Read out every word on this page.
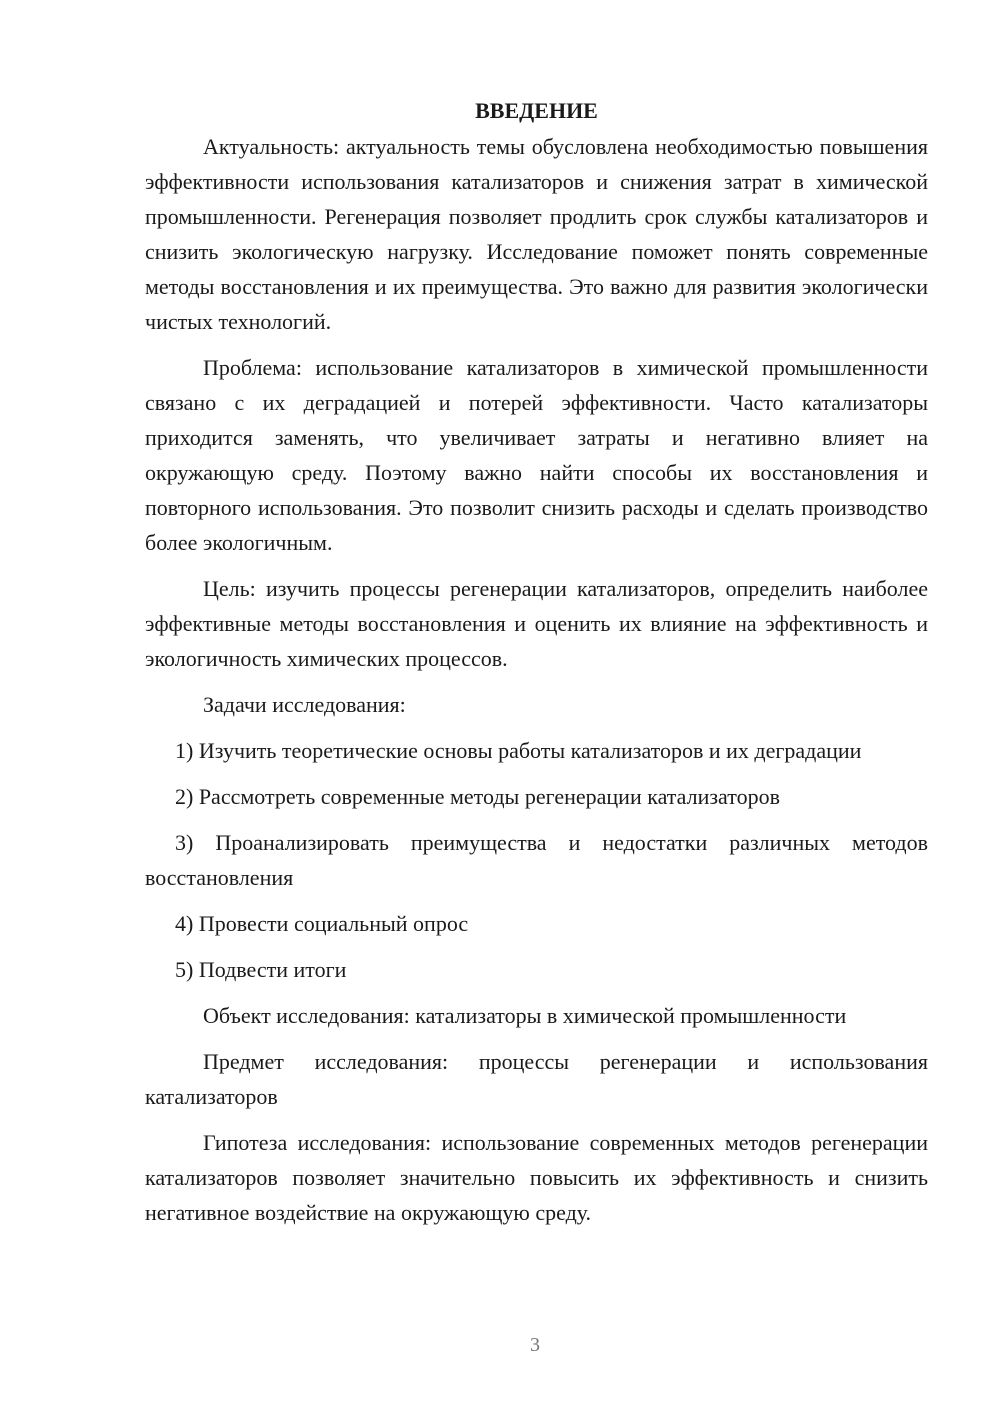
ВВЕДЕНИЕ

Актуальность: актуальность темы обусловлена необходимостью повышения эффективности использования катализаторов и снижения затрат в химической промышленности. Регенерация позволяет продлить срок службы катализаторов и снизить экологическую нагрузку. Исследование поможет понять современные методы восстановления и их преимущества. Это важно для развития экологически чистых технологий.

Проблема: использование катализаторов в химической промышленности связано с их деградацией и потерей эффективности. Часто катализаторы приходится заменять, что увеличивает затраты и негативно влияет на окружающую среду. Поэтому важно найти способы их восстановления и повторного использования. Это позволит снизить расходы и сделать производство более экологичным.

Цель: изучить процессы регенерации катализаторов, определить наиболее эффективные методы восстановления и оценить их влияние на эффективность и экологичность химических процессов.

Задачи исследования:

1) Изучить теоретические основы работы катализаторов и их деградации

2) Рассмотреть современные методы регенерации катализаторов

3) Проанализировать преимущества и недостатки различных методов восстановления

4) Провести социальный опрос

5) Подвести итоги

Объект исследования: катализаторы в химической промышленности

Предмет исследования: процессы регенерации и использования катализаторов

Гипотеза исследования: использование современных методов регенерации катализаторов позволяет значительно повысить их эффективность и снизить негативное воздействие на окружающую среду.

3
